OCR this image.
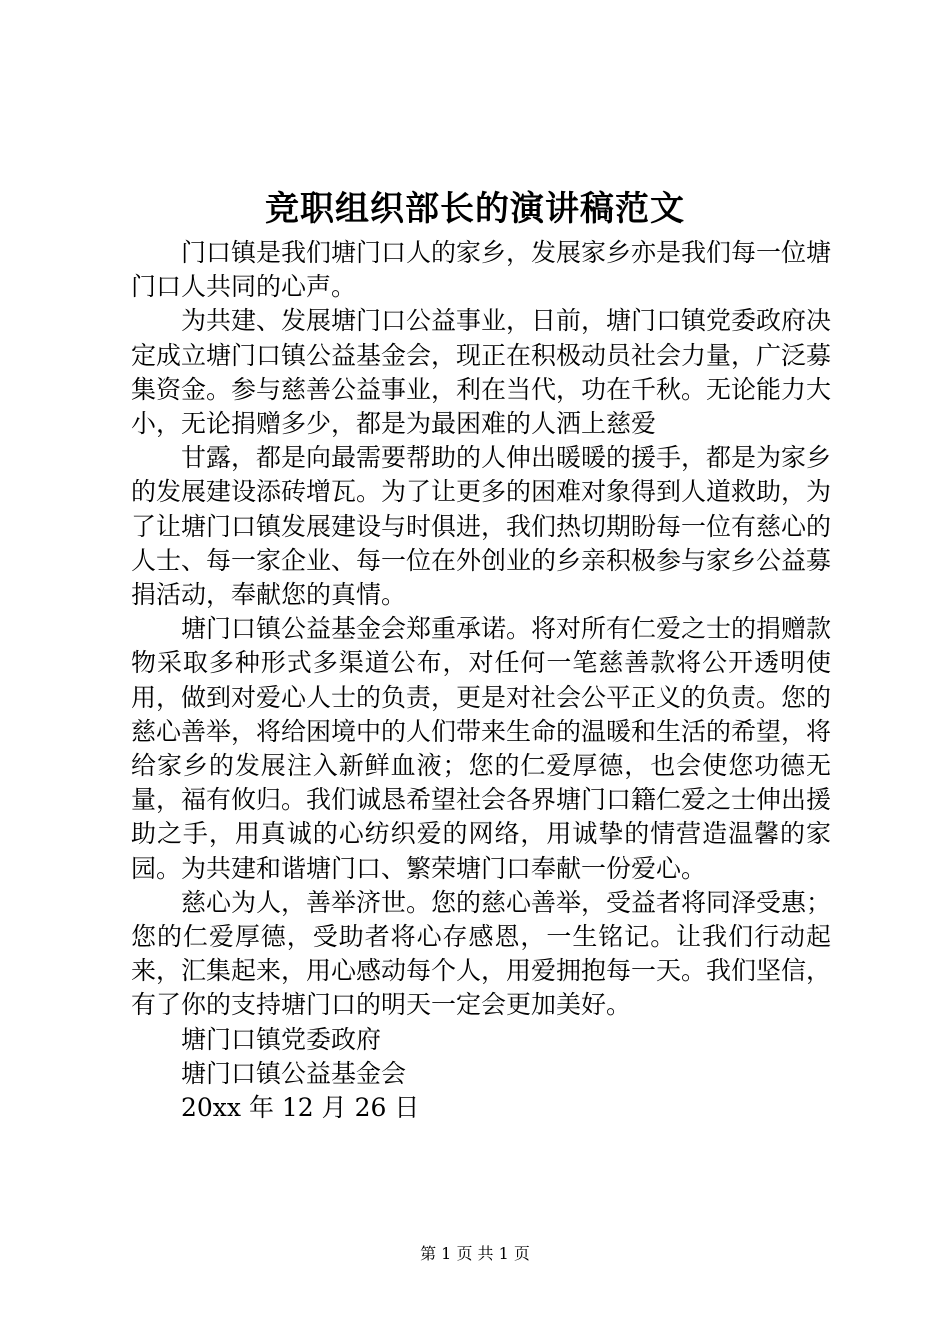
竞职组织部长的演讲稿范文

门口镇是我们塘门口人的家乡，发展家乡亦是我们每一位塘门口人共同的心声。

为共建、发展塘门口公益事业，日前，塘门口镇党委政府决定成立塘门口镇公益基金会，现正在积极动员社会力量，广泛募集资金。参与慈善公益事业，利在当代，功在千秋。无论能力大小，无论捐赠多少，都是为最困难的人洒上慈爱

甘露，都是向最需要帮助的人伸出暖暖的援手，都是为家乡的发展建设添砖增瓦。为了让更多的困难对象得到人道救助，为了让塘门口镇发展建设与时俱进，我们热切期盼每一位有慈心的人士、每一家企业、每一位在外创业的乡亲积极参与家乡公益募捐活动，奉献您的真情。

塘门口镇公益基金会郑重承诺。将对所有仁爱之士的捐赠款物采取多种形式多渠道公布，对任何一笔慈善款将公开透明使用，做到对爱心人士的负责，更是对社会公平正义的负责。您的慈心善举，将给困境中的人们带来生命的温暖和生活的希望，将给家乡的发展注入新鲜血液；您的仁爱厚德，也会使您功德无量，福有攸归。我们诚恳希望社会各界塘门口籍仁爱之士伸出援助之手，用真诚的心纺织爱的网络，用诚挚的情营造温馨的家园。为共建和谐塘门口、繁荣塘门口奉献一份爱心。

慈心为人，善举济世。您的慈心善举，受益者将同泽受惠；您的仁爱厚德，受助者将心存感恩，一生铭记。让我们行动起来，汇集起来，用心感动每个人，用爱拥抱每一天。我们坚信，有了你的支持塘门口的明天一定会更加美好。

塘门口镇党委政府

塘门口镇公益基金会

20xx 年 12 月 26 日

第 1 页 共 1 页
